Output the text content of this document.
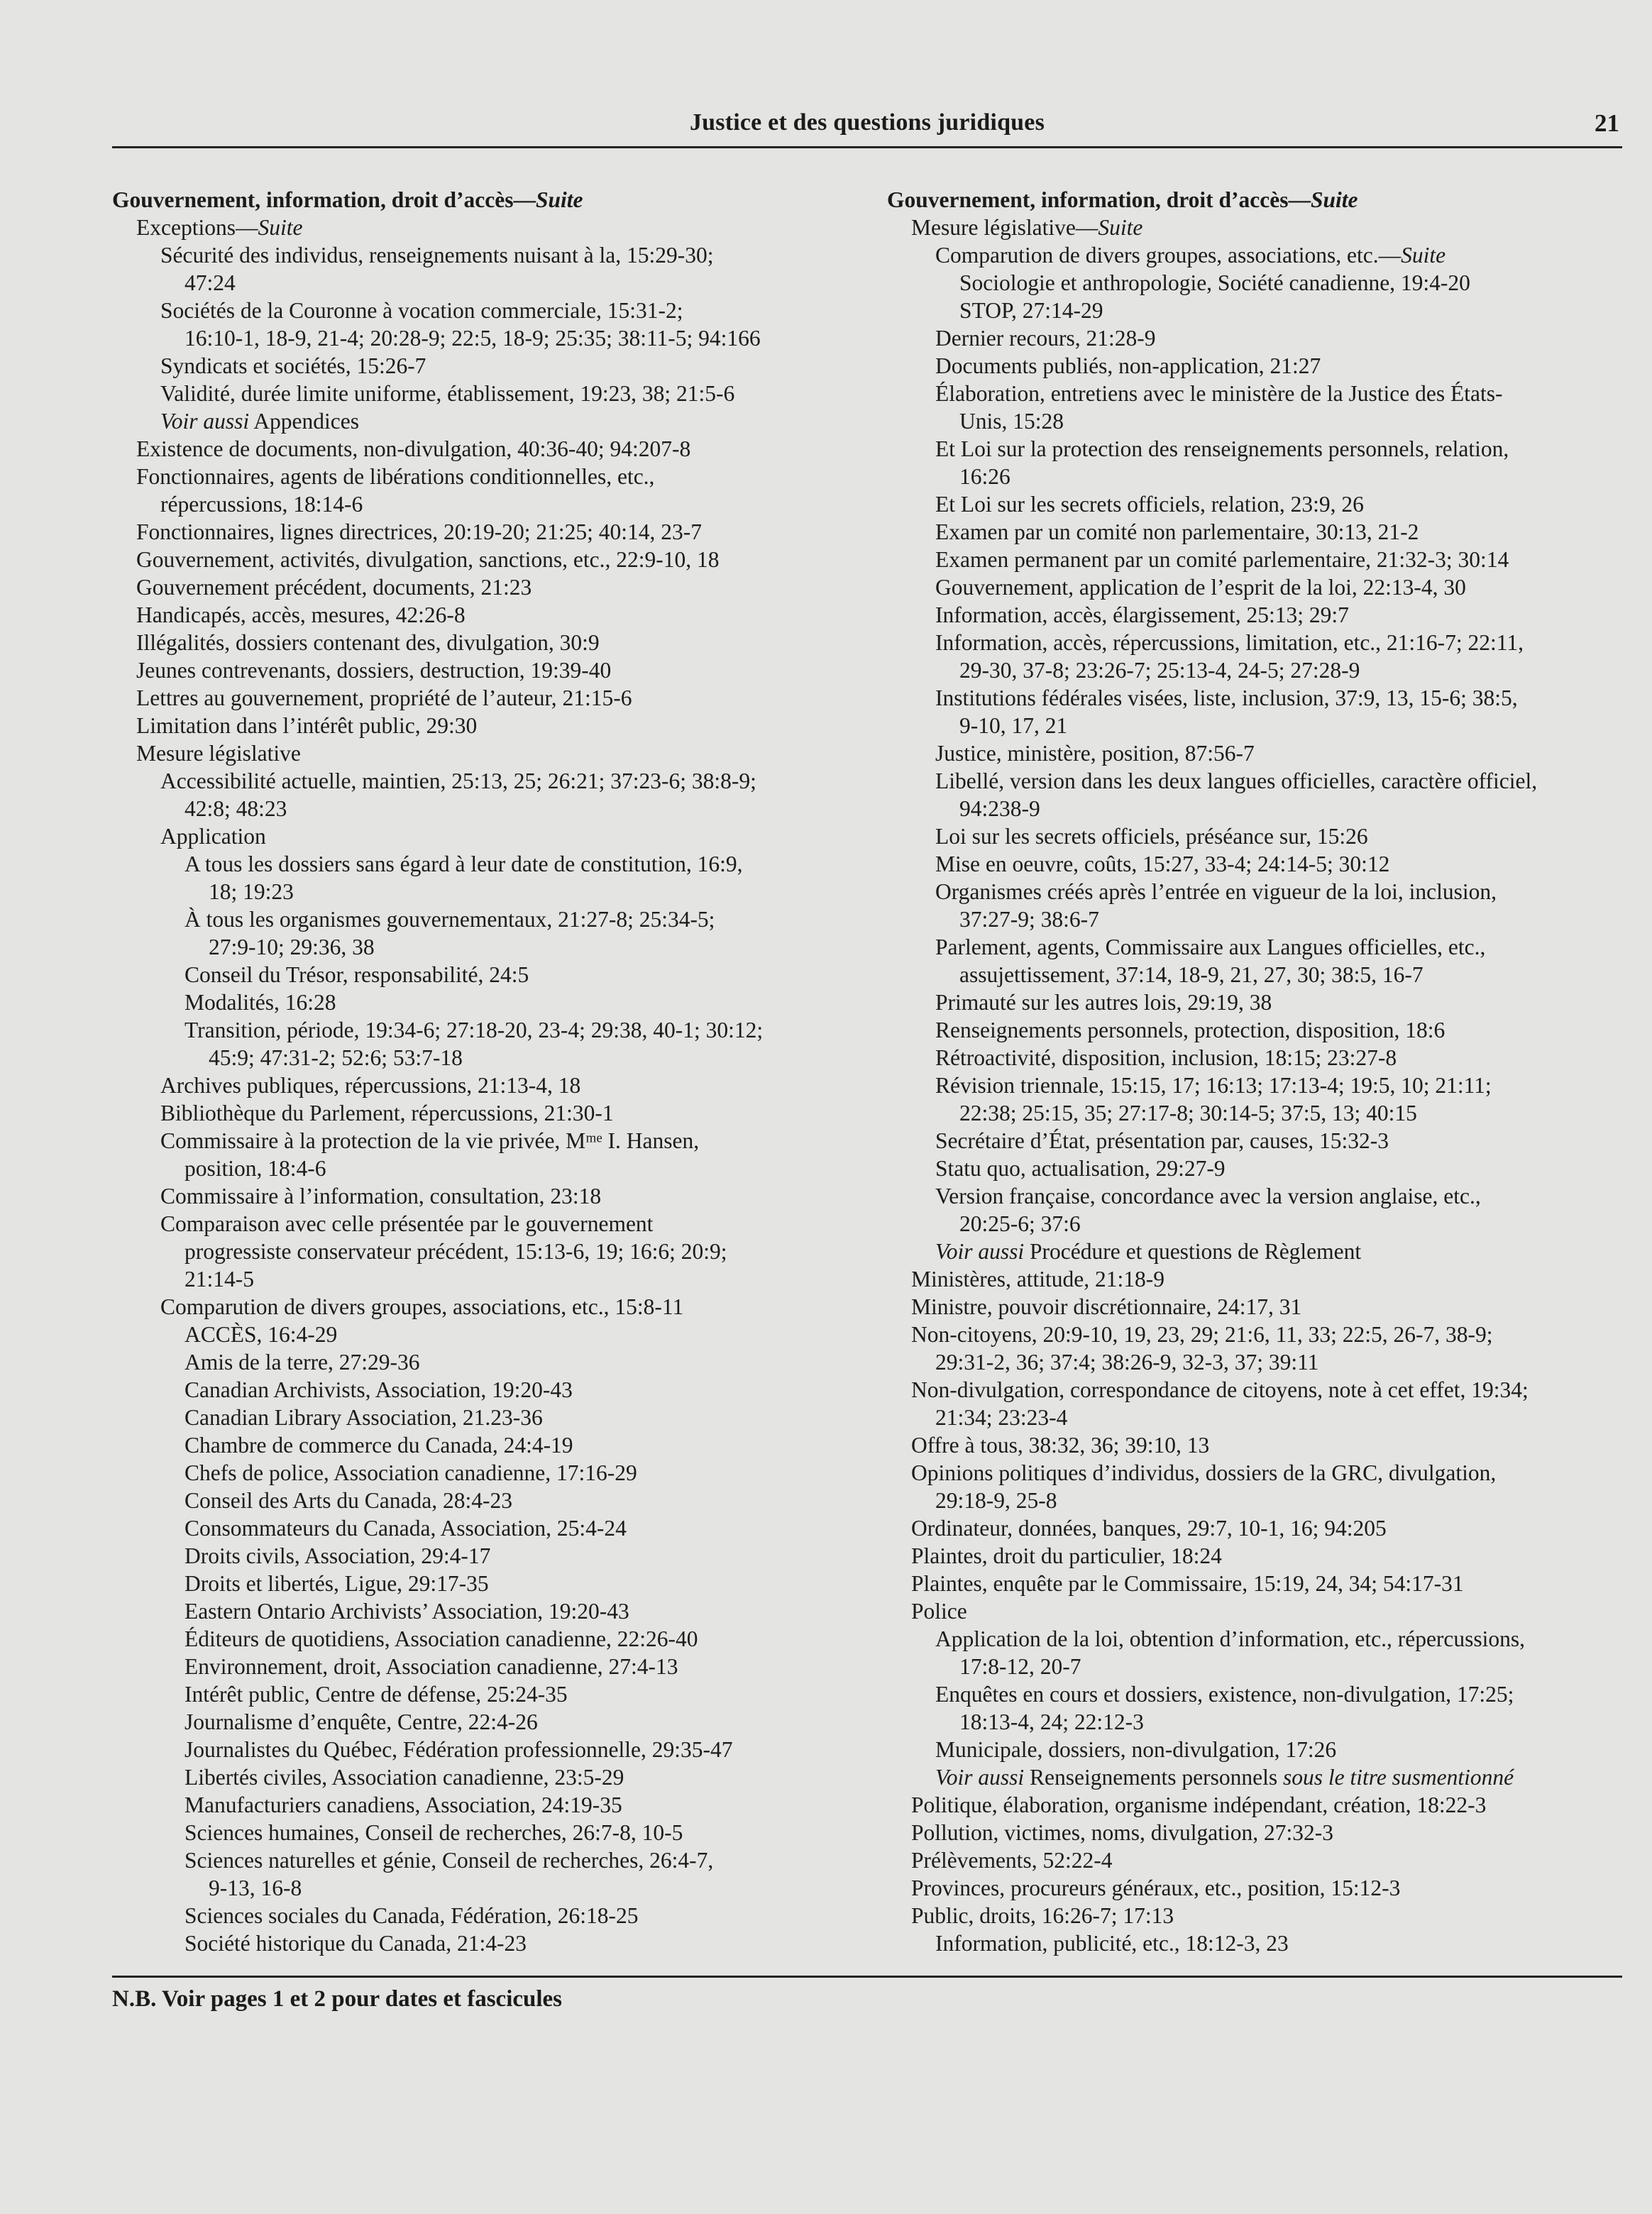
Justice et des questions juridiques	21
Gouvernement, information, droit d’accès—Suite
Exceptions—Suite
Sécurité des individus, renseignements nuisant à la, 15:29-30;
47:24
Sociétés de la Couronne à vocation commerciale, 15:31-2;
16:10-1, 18-9, 21-4; 20:28-9; 22:5, 18-9; 25:35; 38:11-5; 94:166
Syndicats et sociétés, 15:26-7
Validité, durée limite uniforme, établissement, 19:23, 38; 21:5-6
Voir aussi Appendices
Existence de documents, non-divulgation, 40:36-40; 94:207-8
Fonctionnaires, agents de libérations conditionnelles, etc.,
répercussions, 18:14-6
Fonctionnaires, lignes directrices, 20:19-20; 21:25; 40:14, 23-7
Gouvernement, activités, divulgation, sanctions, etc., 22:9-10, 18
Gouvernement précédent, documents, 21:23
Handicapés, accès, mesures, 42:26-8
Illégalités, dossiers contenant des, divulgation, 30:9
Jeunes contrevenants, dossiers, destruction, 19:39-40
Lettres au gouvernement, propriété de l’auteur, 21:15-6
Limitation dans l’intérêt public, 29:30
Mesure législative
Accessibilité actuelle, maintien, 25:13, 25; 26:21; 37:23-6; 38:8-9;
42:8; 48:23
Application
A tous les dossiers sans égard à leur date de constitution, 16:9,
18; 19:23
À tous les organismes gouvernementaux, 21:27-8; 25:34-5;
27:9-10; 29:36, 38
Conseil du Trésor, responsabilité, 24:5
Modalités, 16:28
Transition, période, 19:34-6; 27:18-20, 23-4; 29:38, 40-1; 30:12;
45:9; 47:31-2; 52:6; 53:7-18
Archives publiques, répercussions, 21:13-4, 18
Bibliothèque du Parlement, répercussions, 21:30-1
Commissaire à la protection de la vie privée, Mᵐᵉ I. Hansen,
position, 18:4-6
Commissaire à l’information, consultation, 23:18
Comparaison avec celle présentée par le gouvernement
progressiste conservateur précédent, 15:13-6, 19; 16:6; 20:9;
21:14-5
Comparution de divers groupes, associations, etc., 15:8-11
ACCÈS, 16:4-29
Amis de la terre, 27:29-36
Canadian Archivists, Association, 19:20-43
Canadian Library Association, 21.23-36
Chambre de commerce du Canada, 24:4-19
Chefs de police, Association canadienne, 17:16-29
Conseil des Arts du Canada, 28:4-23
Consommateurs du Canada, Association, 25:4-24
Droits civils, Association, 29:4-17
Droits et libertés, Ligue, 29:17-35
Eastern Ontario Archivists’ Association, 19:20-43
Éditeurs de quotidiens, Association canadienne, 22:26-40
Environnement, droit, Association canadienne, 27:4-13
Intérêt public, Centre de défense, 25:24-35
Journalisme d’enquête, Centre, 22:4-26
Journalistes du Québec, Fédération professionnelle, 29:35-47
Libertés civiles, Association canadienne, 23:5-29
Manufacturiers canadiens, Association, 24:19-35
Sciences humaines, Conseil de recherches, 26:7-8, 10-5
Sciences naturelles et génie, Conseil de recherches, 26:4-7,
9-13, 16-8
Sciences sociales du Canada, Fédération, 26:18-25
Société historique du Canada, 21:4-23
Gouvernement, information, droit d’accès—Suite
Mesure législative—Suite
Comparution de divers groupes, associations, etc.—Suite
Sociologie et anthropologie, Société canadienne, 19:4-20
STOP, 27:14-29
Dernier recours, 21:28-9
Documents publiés, non-application, 21:27
Élaboration, entretiens avec le ministère de la Justice des États-
Unis, 15:28
Et Loi sur la protection des renseignements personnels, relation,
16:26
Et Loi sur les secrets officiels, relation, 23:9, 26
Examen par un comité non parlementaire, 30:13, 21-2
Examen permanent par un comité parlementaire, 21:32-3; 30:14
Gouvernement, application de l’esprit de la loi, 22:13-4, 30
Information, accès, élargissement, 25:13; 29:7
Information, accès, répercussions, limitation, etc., 21:16-7; 22:11,
29-30, 37-8; 23:26-7; 25:13-4, 24-5; 27:28-9
Institutions fédérales visées, liste, inclusion, 37:9, 13, 15-6; 38:5,
9-10, 17, 21
Justice, ministère, position, 87:56-7
Libellé, version dans les deux langues officielles, caractère officiel,
94:238-9
Loi sur les secrets officiels, préséance sur, 15:26
Mise en oeuvre, coûts, 15:27, 33-4; 24:14-5; 30:12
Organismes créés après l’entrée en vigueur de la loi, inclusion,
37:27-9; 38:6-7
Parlement, agents, Commissaire aux Langues officielles, etc.,
assujettissement, 37:14, 18-9, 21, 27, 30; 38:5, 16-7
Primauté sur les autres lois, 29:19, 38
Renseignements personnels, protection, disposition, 18:6
Rétroactivité, disposition, inclusion, 18:15; 23:27-8
Révision triennale, 15:15, 17; 16:13; 17:13-4; 19:5, 10; 21:11;
22:38; 25:15, 35; 27:17-8; 30:14-5; 37:5, 13; 40:15
Secrétaire d’État, présentation par, causes, 15:32-3
Statu quo, actualisation, 29:27-9
Version française, concordance avec la version anglaise, etc.,
20:25-6; 37:6
Voir aussi Procédure et questions de Règlement
Ministères, attitude, 21:18-9
Ministre, pouvoir discrétionnaire, 24:17, 31
Non-citoyens, 20:9-10, 19, 23, 29; 21:6, 11, 33; 22:5, 26-7, 38-9;
29:31-2, 36; 37:4; 38:26-9, 32-3, 37; 39:11
Non-divulgation, correspondance de citoyens, note à cet effet, 19:34;
21:34; 23:23-4
Offre à tous, 38:32, 36; 39:10, 13
Opinions politiques d’individus, dossiers de la GRC, divulgation,
29:18-9, 25-8
Ordinateur, données, banques, 29:7, 10-1, 16; 94:205
Plaintes, droit du particulier, 18:24
Plaintes, enquête par le Commissaire, 15:19, 24, 34; 54:17-31
Police
Application de la loi, obtention d’information, etc., répercussions,
17:8-12, 20-7
Enquêtes en cours et dossiers, existence, non-divulgation, 17:25;
18:13-4, 24; 22:12-3
Municipale, dossiers, non-divulgation, 17:26
Voir aussi Renseignements personnels sous le titre susmentionné
Politique, élaboration, organisme indépendant, création, 18:22-3
Pollution, victimes, noms, divulgation, 27:32-3
Prélèvements, 52:22-4
Provinces, procureurs généraux, etc., position, 15:12-3
Public, droits, 16:26-7; 17:13
Information, publicité, etc., 18:12-3, 23
N.B. Voir pages 1 et 2 pour dates et fascicules
